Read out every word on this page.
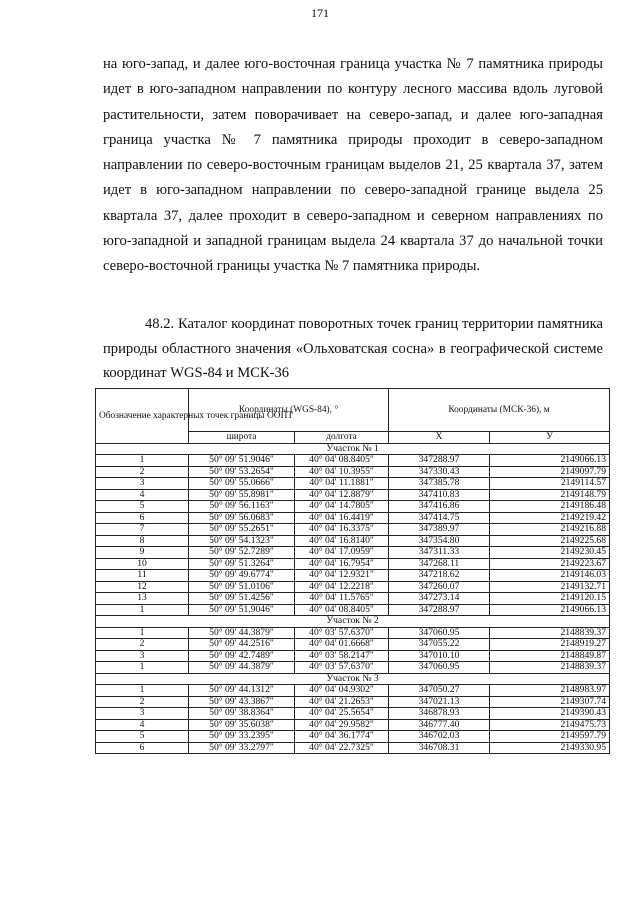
171

на юго-запад, и далее юго-восточная граница участка № 7 памятника природы идет в юго-западном направлении по контуру лесного массива вдоль луговой растительности, затем поворачивает на северо-запад, и далее юго-западная граница участка № 7 памятника природы проходит в северо-западном направлении по северо-восточным границам выделов 21, 25 квартала 37, затем идет в юго-западном направлении по северо-западной границе выдела 25 квартала 37, далее проходит в северо-западном и северном направлениях по юго-западной и западной границам выдела 24 квартала 37 до начальной точки северо-восточной границы участка № 7 памятника природы.

48.2. Каталог координат поворотных точек границ территории памятника природы областного значения «Ольховатская сосна» в географической системе координат WGS-84 и МСК-36

Обозначение характерных точек границы ООПТ	Координаты (WGS-84), °		Координаты (МСК-36), м	
	широта	долгота	X	У
Участок № 1				
1	50° 09' 51.9046"	40° 04' 08.8405"	347288.97	2149066.13
2	50° 09' 53.2654"	40° 04' 10.3955"	347330.43	2149097.79
3	50° 09' 55.0666"	40° 04' 11.1881"	347385.78	2149114.57
4	50° 09' 55.8981"	40° 04' 12.8879"	347410.83	2149148.79
5	50° 09' 56.1163"	40° 04' 14.7805"	347416.86	2149186.48
6	50° 09' 56.0683"	40° 04' 16.4419"	347414.75	2149219.42
7	50° 09' 55.2651"	40° 04' 16.3375"	347389.97	2149216.88
8	50° 09' 54.1323"	40° 04' 16.8140"	347354.80	2149225.68
9	50° 09' 52.7289"	40° 04' 17.0959"	347311.33	2149230.45
10	50° 09' 51.3264"	40° 04' 16.7954"	347268.11	2149223.67
11	50° 09' 49.6774"	40° 04' 12.9321"	347218.62	2149146.03
12	50° 09' 51.0106"	40° 04' 12.2218"	347260.07	2149132.71
13	50° 09' 51.4256"	40° 04' 11.5765"	347273.14	2149120.15
1	50° 09' 51.9046"	40° 04' 08.8405"	347288.97	2149066.13
Участок № 2				
1	50° 09' 44.3879"	40° 03' 57.6370"	347060.95	2148839.37
2	50° 09' 44.2516"	40° 04' 01.6668"	347055.22	2148919.27
3	50° 09' 42.7489"	40° 03' 58.2147"	347010.10	2148849.87
1	50° 09' 44.3879"	40° 03' 57.6370"	347060.95	2148839.37
Участок № 3				
1	50° 09' 44.1312"	40° 04' 04.9302"	347050.27	2148983.97
2	50° 09' 43.3867"	40° 04' 21.2653"	347021.13	2149307.74
3	50° 09' 38.8364"	40° 04' 25.5654"	346878.93	2149390.43
4	50° 09' 35.6038"	40° 04' 29.9582"	346777.40	2149475.73
5	50° 09' 33.2395"	40° 04' 36.1774"	346702.03	2149597.79
6	50° 09' 33.2797"	40° 04' 22.7325"	346708.31	2149330.95
